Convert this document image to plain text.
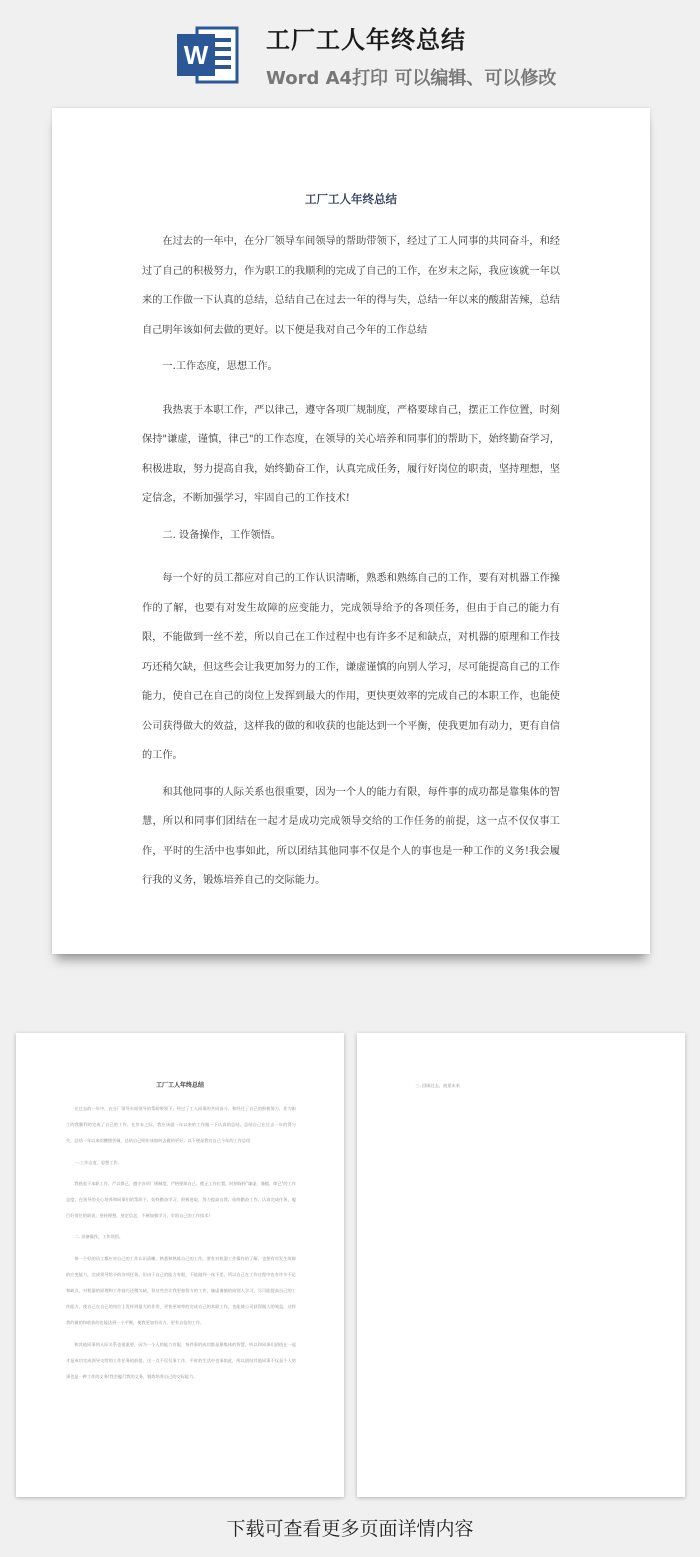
W 工厂工人年终总结
Word A4打印 可以编辑、可以修改
工厂工人年终总结

在过去的一年中，在分厂领导车间领导的帮助带领下，经过了工人同事的共同奋斗，和经过了自己的积极努力，作为职工的我顺利的完成了自己的工作，在岁末之际，我应该就一年以来的工作做一下认真的总结，总结自己在过去一年的得与失，总结一年以来的酸甜苦辣，总结自己明年该如何去做的更好。以下便是我对自己今年的工作总结

一.工作态度，思想工作。

我热衷于本职工作，严以律己，遵守各项厂规制度，严格要球自己，摆正工作位置，时刻保持"谦虚，谨慎，律己"的工作态度，在领导的关心培养和同事们的帮助下，始终勤奋学习，积极进取，努力提高自我，始终勤奋工作，认真完成任务，履行好岗位的职责，坚持理想，坚定信念，不断加强学习，牢固自己的工作技术!

二. 设备操作，工作领悟。

每一个好的员工都应对自己的工作认识清晰，熟悉和熟练自己的工作，要有对机器工作操作的了解，也要有对发生故障的应变能力，完成领导给予的各项任务，但由于自己的能力有限，不能做到一丝不差，所以自己在工作过程中也有许多不足和缺点，对机器的原理和工作技巧还稍欠缺，但这些会让我更加努力的工作，谦虚谨慎的向别人学习，尽可能提高自己的工作能力，使自己在自己的岗位上发挥到最大的作用，更快更效率的完成自己的本职工作，也能使公司获得做大的效益，这样我的做的和收获的也能达到一个平衡，使我更加有动力，更有自信的工作。

和其他同事的人际关系也很重要，因为一个人的能力有限，每件事的成功都是靠集体的智慧，所以和同事们团结在一起才是成功完成领导交给的工作任务的前提，这一点不仅仅事工作，平时的生活中也事如此，所以团结其他同事不仅是个人的事也是一种工作的义务!我会履行我的义务，锻炼培养自己的交际能力。

工厂工人年终总结

在过去的一年中，在分厂领导车间领导的帮助带领下，经过了工人同事的共同奋斗，和经过了自己的积极努力，作为职工的我顺利的完成了自己的工作，在岁末之际，我应该就一年以来的工作做一下认真的总结，总结自己在过去一年的得与失，总结一年以来的酸甜苦辣，总结自己明年该如何去做的更好。以下便是我对自己今年的工作总结

一.工作态度，思想工作。

我热衷于本职工作，严以律己，遵守各项厂规制度，严格要球自己，摆正工作位置，时刻保持"谦虚，谨慎，律己"的工作态度，在领导的关心培养和同事们的帮助下，始终勤奋学习，积极进取，努力提高自我，始终勤奋工作，认真完成任务，履行好岗位的职责，坚持理想，坚定信念，不断加强学习，牢固自己的工作技术!

二. 设备操作，工作领悟。

每一个好的员工都应对自己的工作认识清晰，熟悉和熟练自己的工作，要有对机器工作操作的了解，也要有对发生故障的应变能力，完成领导给予的各项任务，但由于自己的能力有限，不能做到一丝不差，所以自己在工作过程中也有许多不足和缺点，对机器的原理和工作技巧还稍欠缺，但这些会让我更加努力的工作，谦虚谨慎的向别人学习，尽可能提高自己的工作能力，使自己在自己的岗位上发挥到最大的作用，更快更效率的完成自己的本职工作，也能使公司获得做大的效益，这样我的做的和收获的也能达到一个平衡，使我更加有动力，更有自信的工作。

和其他同事的人际关系也很重要，因为一个人的能力有限，每件事的成功都是靠集体的智慧，所以和同事们团结在一起才是成功完成领导交给的工作任务的前提，这一点不仅仅事工作，平时的生活中也事如此，所以团结其他同事不仅是个人的事也是一种工作的义务!我会履行我的义务，锻炼培养自己的交际能力。

三. 回顾过去，展望未来

下载可查看更多页面详情内容
